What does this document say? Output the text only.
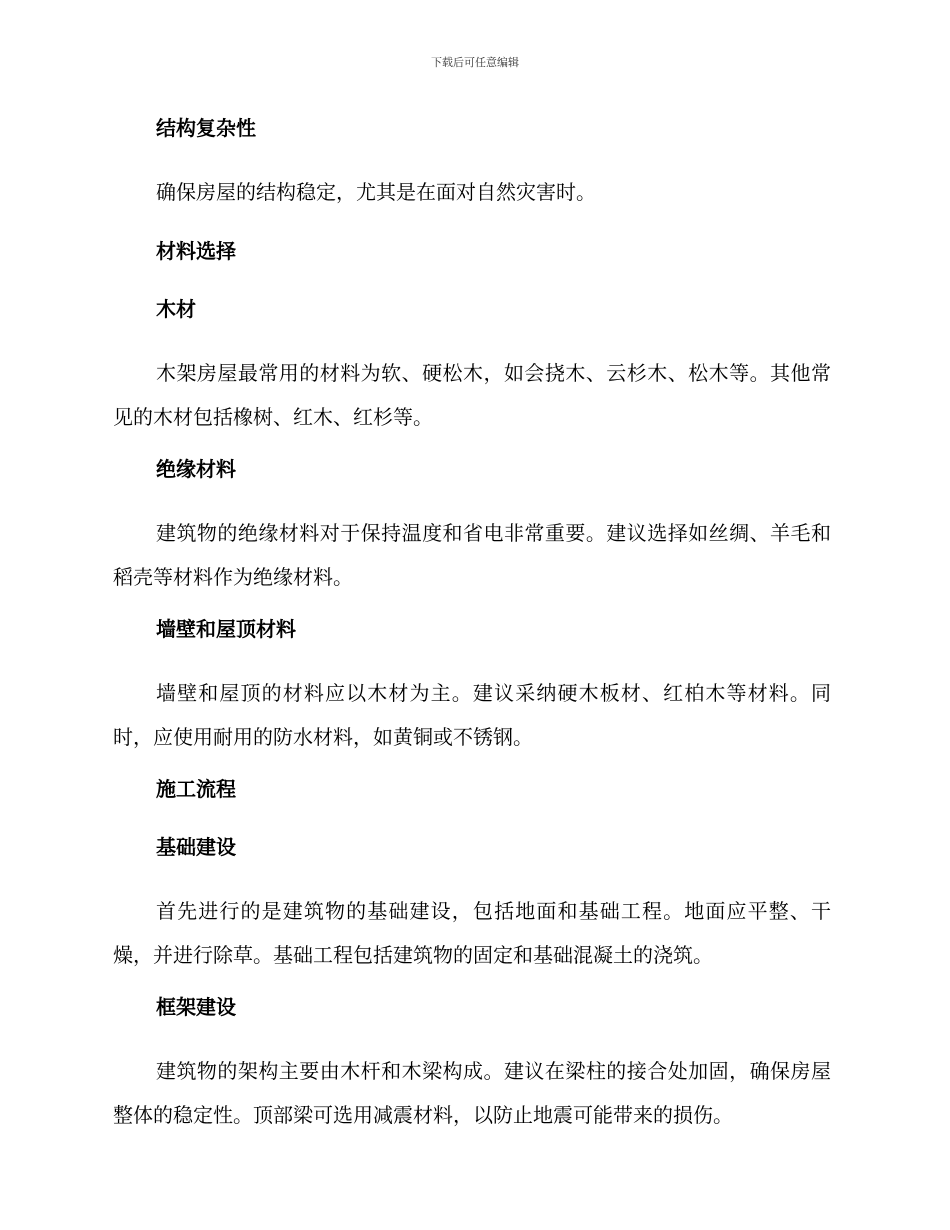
下载后可任意编辑
结构复杂性

确保房屋的结构稳定，尤其是在面对自然灾害时。

材料选择
木材

木架房屋最常用的材料为软、硬松木，如会挠木、云杉木、松木等。其他常见的木材包括橡树、红木、红杉等。

绝缘材料

建筑物的绝缘材料对于保持温度和省电非常重要。建议选择如丝绸、羊毛和稻壳等材料作为绝缘材料。

墙壁和屋顶材料

墙壁和屋顶的材料应以木材为主。建议采纳硬木板材、红柏木等材料。同时，应使用耐用的防水材料，如黄铜或不锈钢。

施工流程
基础建设

首先进行的是建筑物的基础建设，包括地面和基础工程。地面应平整、干燥，并进行除草。基础工程包括建筑物的固定和基础混凝土的浇筑。

框架建设

建筑物的架构主要由木杆和木梁构成。建议在梁柱的接合处加固，确保房屋整体的稳定性。顶部梁可选用减震材料，以防止地震可能带来的损伤。
